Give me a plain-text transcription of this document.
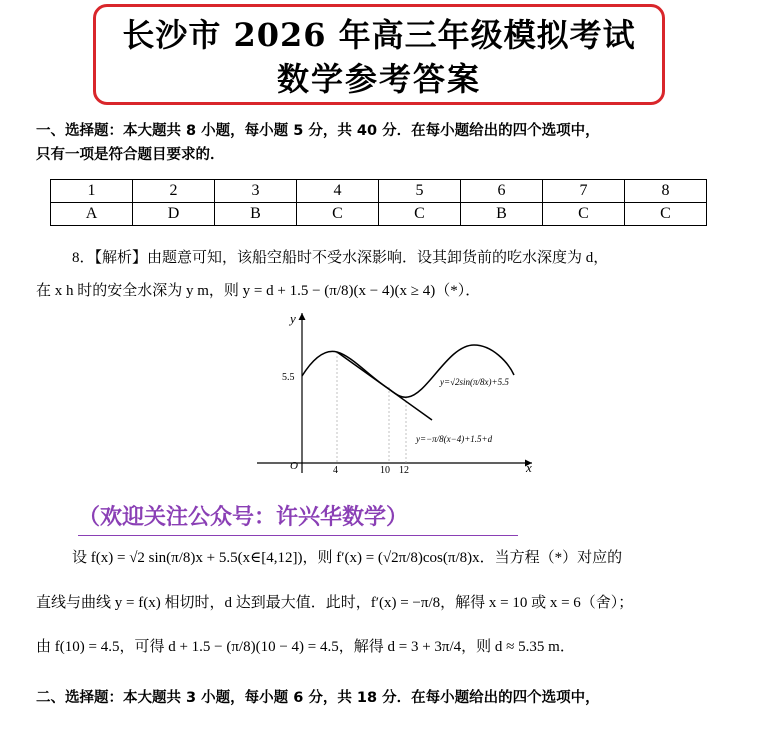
长沙市 2026 年高三年级模拟考试
数学参考答案
一、选择题：本大题共 8 小题，每小题 5 分，共 40 分．在每小题给出的四个选项中，
只有一项是符合题目要求的．
1	2	3	4	5	6	7	8
A	D	B	C	C	B	C	C
8．【解析】由题意可知，该船空船时不受水深影响．设其卸货前的吃水深度为 d，
在 x h 时的安全水深为 y m，则 y = d + 1.5 − (π/8)(x − 4)(x ≥ 4)（*）．
y
x
O
5.5
4	10 12
y=√2sin(π/8x)+5.5
y=−π/8(x−4)+1.5+d
（欢迎关注公众号：许兴华数学）
设 f(x) = √2 sin(π/8)x + 5.5(x∈[4,12])，则 f′(x) = (√2π/8)cos(π/8)x．当方程（*）对应的
直线与曲线 y = f(x) 相切时，d 达到最大值．此时，f′(x) = −π/8，解得 x = 10 或 x = 6（舍）；
由 f(10) = 4.5，可得 d + 1.5 − (π/8)(10 − 4) = 4.5，解得 d = 3 + 3π/4，则 d ≈ 5.35 m．
二、选择题：本大题共 3 小题，每小题 6 分，共 18 分．在每小题给出的四个选项中，
